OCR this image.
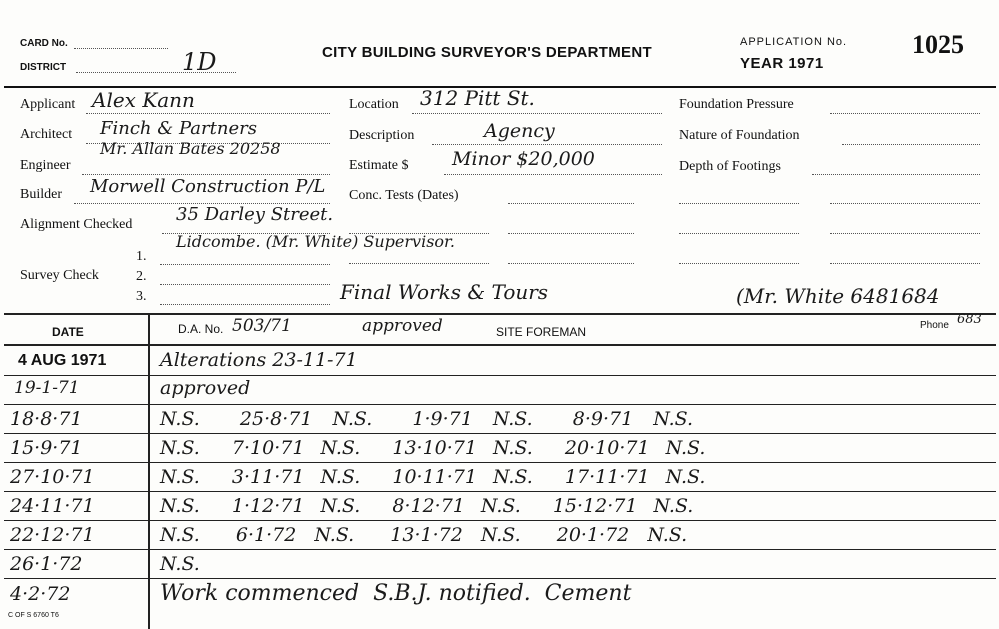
CARD No.
DISTRICT	1D	CITY BUILDING SURVEYOR'S DEPARTMENT
APPLICATION No.
YEAR 1971
1025
Applicant Alex Kann
Architect Finch & Partners
Engineer
Mr. Allan Bates 20258
Builder Morwell Construction P/L
Alignment Checked 35 Darley Street.
Lidcombe. (Mr. White) Supervisor.
1.
Survey Check	2.
3.
Location 312 Pitt St.
Description	Agency
Estimate $ Minor $20,000
Conc. Tests (Dates)
Foundation Pressure
Nature of Foundation
Depth of Footings
Final Works & Tours	(Mr. White 6481684
DATE	D.A. No. 503/71	approved	SITE FOREMAN	Phone 683
4 AUG 1971	Alterations 23-11-71
19-1-71	approved
18·8·71	N.S.  25·8·71 N.S.  1·9·71 N.S.  8·9·71 N.S.
15·9·71	N.S.  7·10·71 N.S.  13·10·71 N.S.  20·10·71 N.S.
27·10·71	N.S.  3·11·71 N.S.  10·11·71 N.S.  17·11·71 N.S.
24·11·71	N.S.  1·12·71 N.S.  8·12·71 N.S.  15·12·71 N.S.
22·12·71	N.S.  6·1·72 N.S.  13·1·72 N.S.  20·1·72 N.S.
26·1·72	N.S.
4·2·72	Work commenced  S.B.J. notified.  Cement
C OF S 6760 T6
